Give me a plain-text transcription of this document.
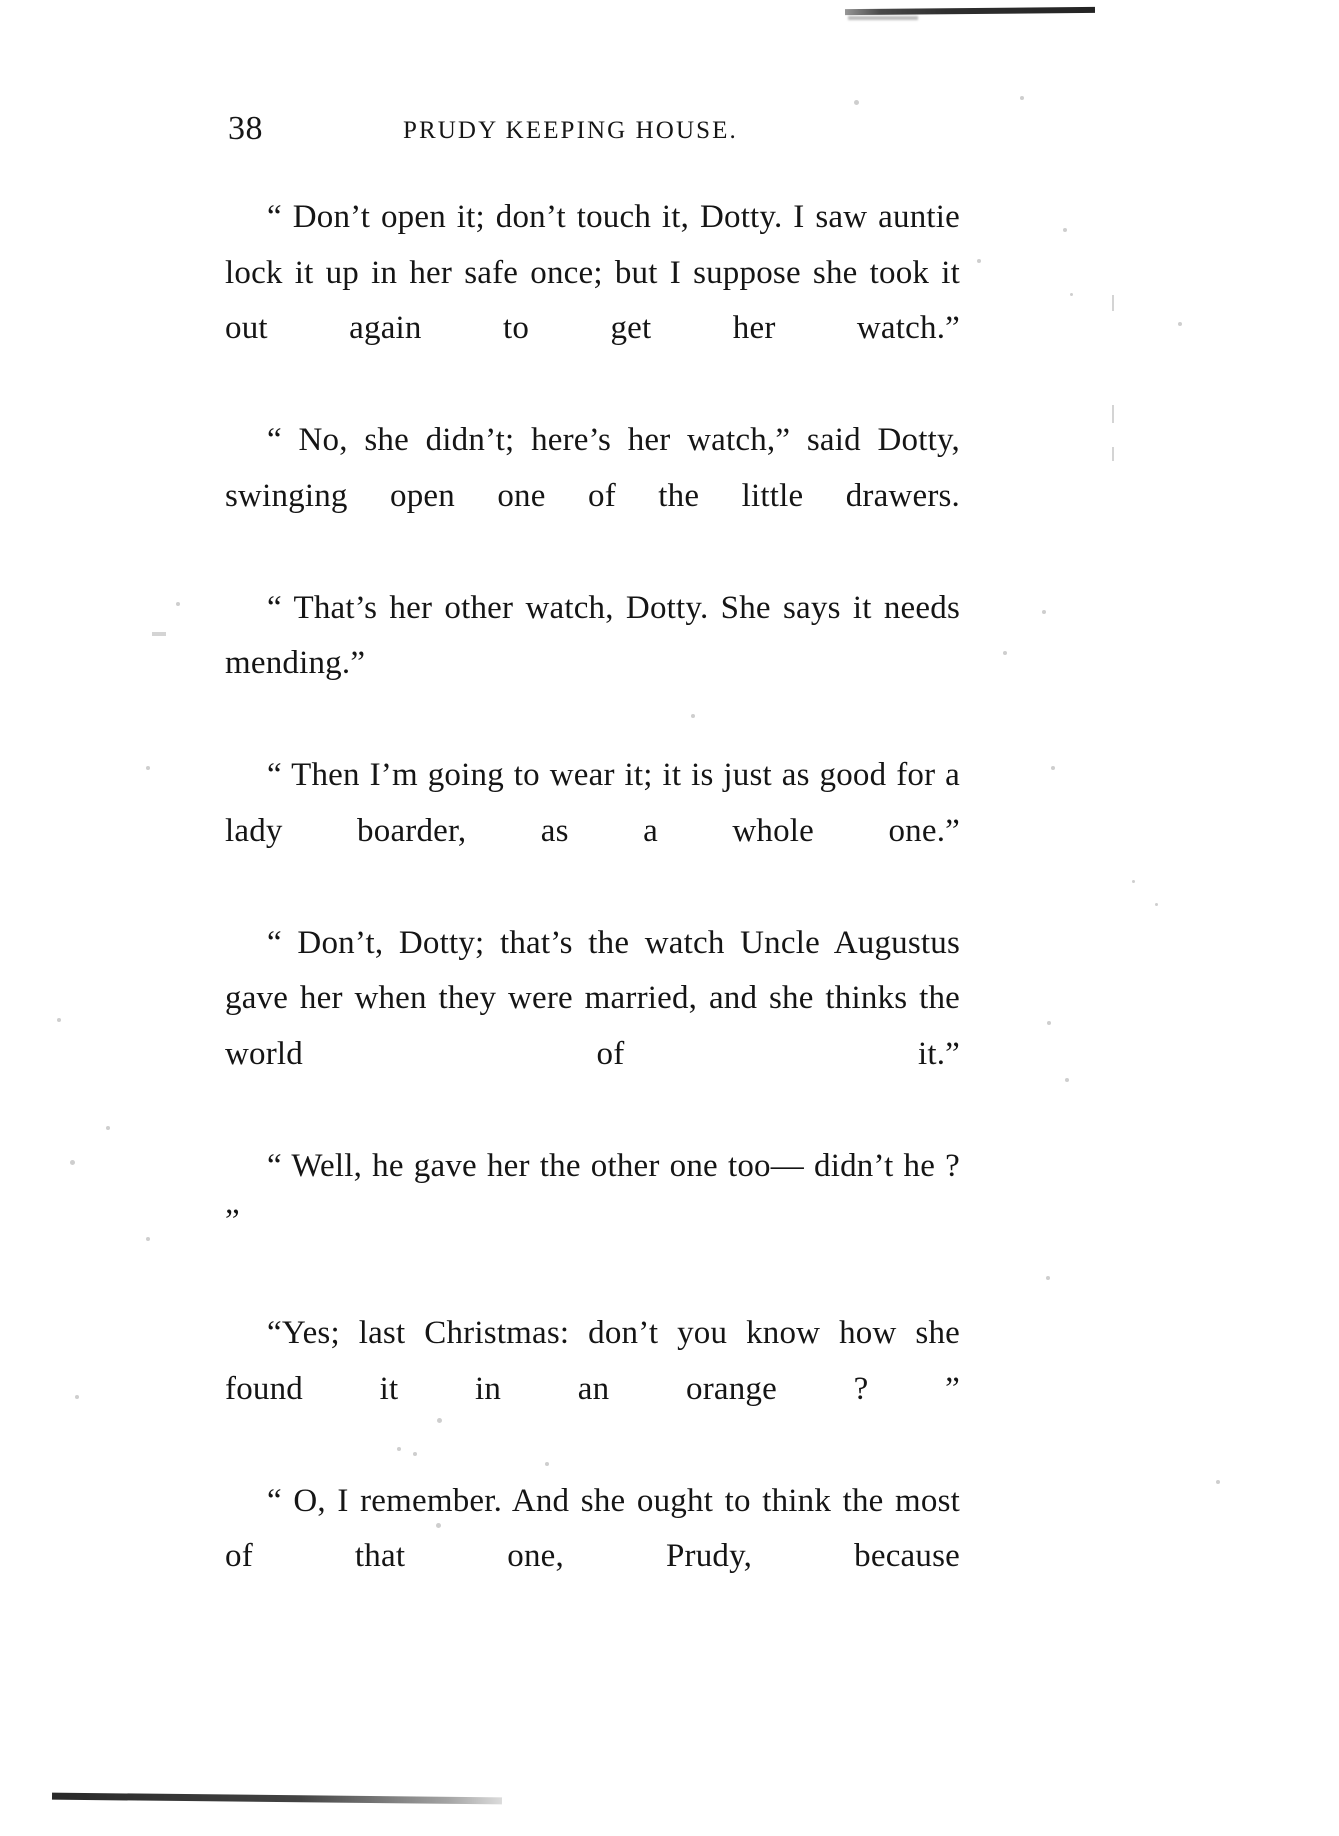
38	PRUDY KEEPING HOUSE.

“ Don’t open it; don’t touch it, Dotty. I saw auntie lock it up in her safe once; but I suppose she took it out again to get her watch.”

“ No, she didn’t; here’s her watch,” said Dotty, swinging open one of the little drawers.

“ That’s her other watch, Dotty. She says it needs mending.”

“ Then I’m going to wear it; it is just as good for a lady boarder, as a whole one.”

“ Don’t, Dotty; that’s the watch Uncle Augustus gave her when they were married, and she thinks the world of it.”

“ Well, he gave her the other one too— didn’t he ? ”

“Yes; last Christmas: don’t you know how she found it in an orange ? ”

“ O, I remember. And she ought to think the most of that one, Prudy, because
